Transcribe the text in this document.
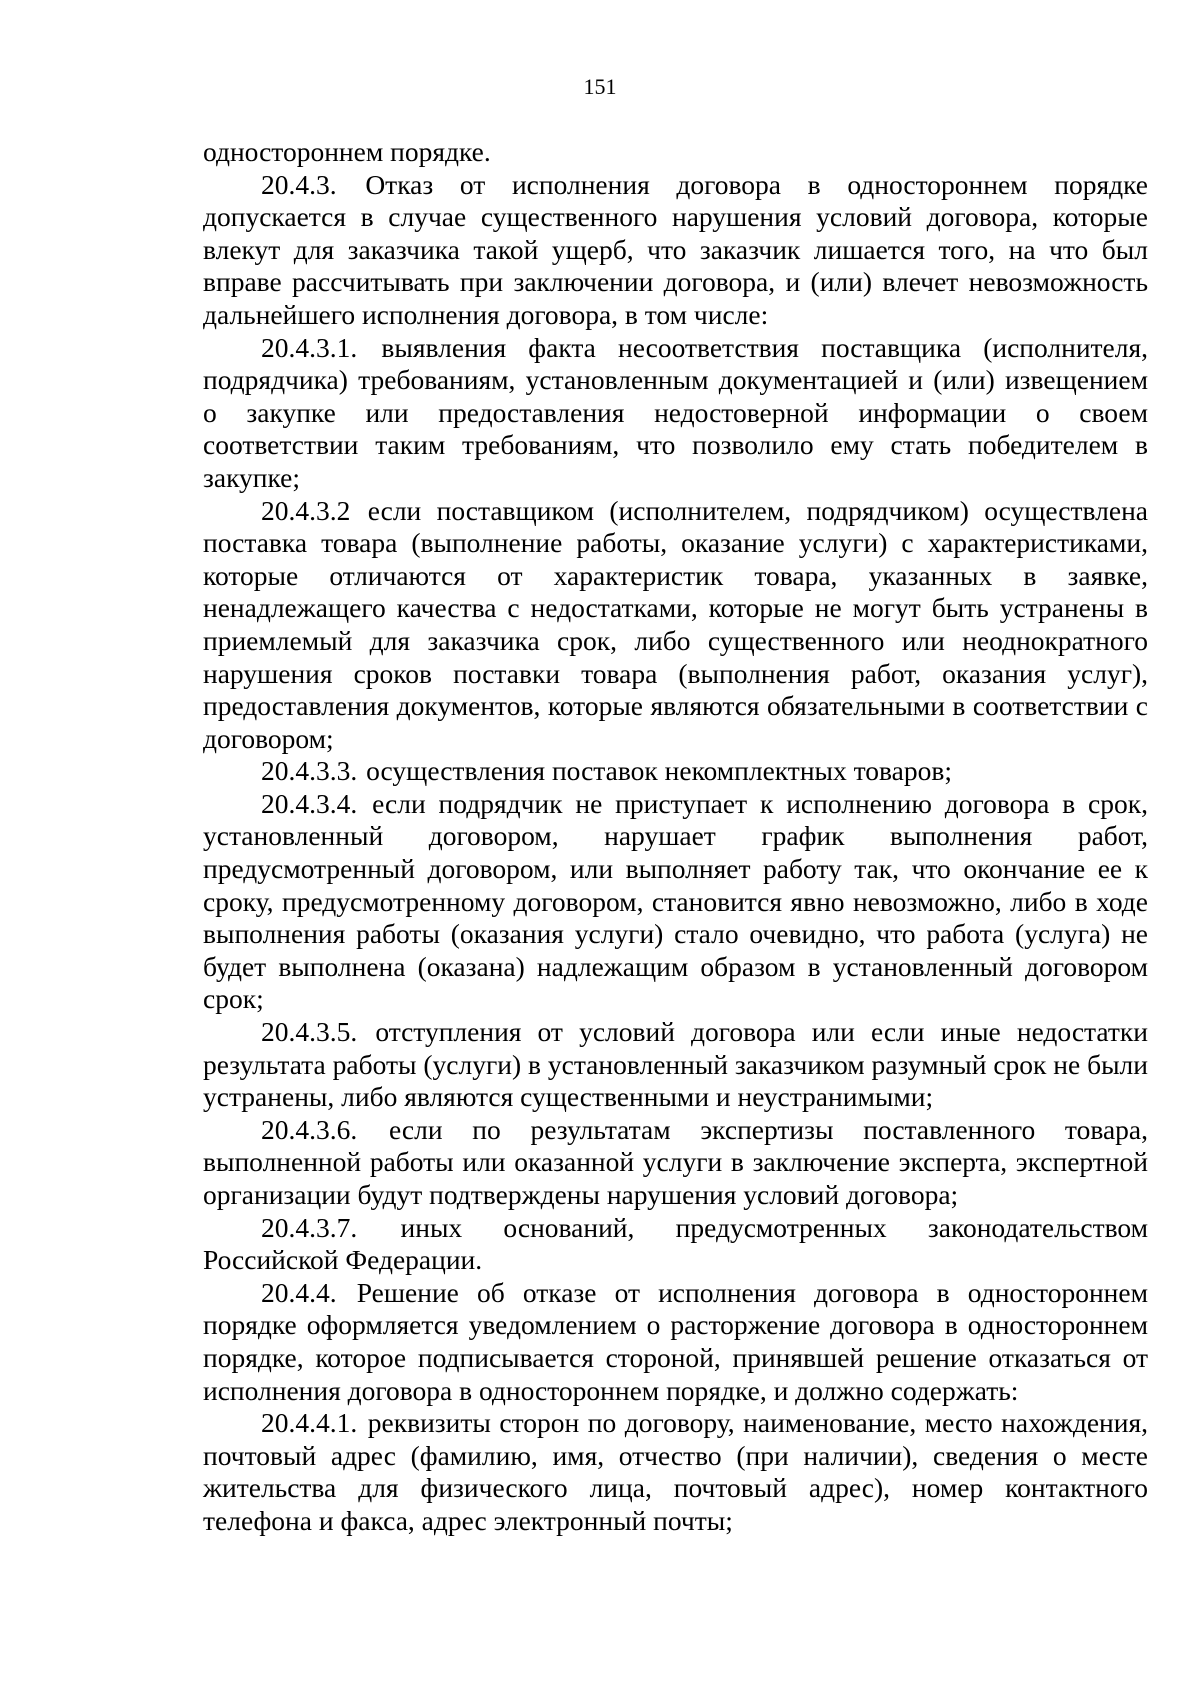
151

одностороннем порядке.

20.4.3. Отказ от исполнения договора в одностороннем порядке допускается в случае существенного нарушения условий договора, которые влекут для заказчика такой ущерб, что заказчик лишается того, на что был вправе рассчитывать при заключении договора, и (или) влечет невозможность дальнейшего исполнения договора, в том числе:

20.4.3.1. выявления факта несоответствия поставщика (исполнителя, подрядчика) требованиям, установленным документацией и (или) извещением о закупке или предоставления недостоверной информации о своем соответствии таким требованиям, что позволило ему стать победителем в закупке;

20.4.3.2 если поставщиком (исполнителем, подрядчиком) осуществлена поставка товара (выполнение работы, оказание услуги) с характеристиками, которые отличаются от характеристик товара, указанных в заявке, ненадлежащего качества с недостатками, которые не могут быть устранены в приемлемый для заказчика срок, либо существенного или неоднократного нарушения сроков поставки товара (выполнения работ, оказания услуг), предоставления документов, которые являются обязательными в соответствии с договором;

20.4.3.3. осуществления поставок некомплектных товаров;

20.4.3.4. если подрядчик не приступает к исполнению договора в срок, установленный договором, нарушает график выполнения работ, предусмотренный договором, или выполняет работу так, что окончание ее к сроку, предусмотренному договором, становится явно невозможно, либо в ходе выполнения работы (оказания услуги) стало очевидно, что работа (услуга) не будет выполнена (оказана) надлежащим образом в установленный договором срок;

20.4.3.5. отступления от условий договора или если иные недостатки результата работы (услуги) в установленный заказчиком разумный срок не были устранены, либо являются существенными и неустранимыми;

20.4.3.6. если по результатам экспертизы поставленного товара, выполненной работы или оказанной услуги в заключение эксперта, экспертной организации будут подтверждены нарушения условий договора;

20.4.3.7. иных оснований, предусмотренных законодательством Российской Федерации.

20.4.4. Решение об отказе от исполнения договора в одностороннем порядке оформляется уведомлением о расторжение договора в одностороннем порядке, которое подписывается стороной, принявшей решение отказаться от исполнения договора в одностороннем порядке, и должно содержать:

20.4.4.1. реквизиты сторон по договору, наименование, место нахождения, почтовый адрес (фамилию, имя, отчество (при наличии), сведения о месте жительства для физического лица, почтовый адрес), номер контактного телефона и факса, адрес электронный почты;
